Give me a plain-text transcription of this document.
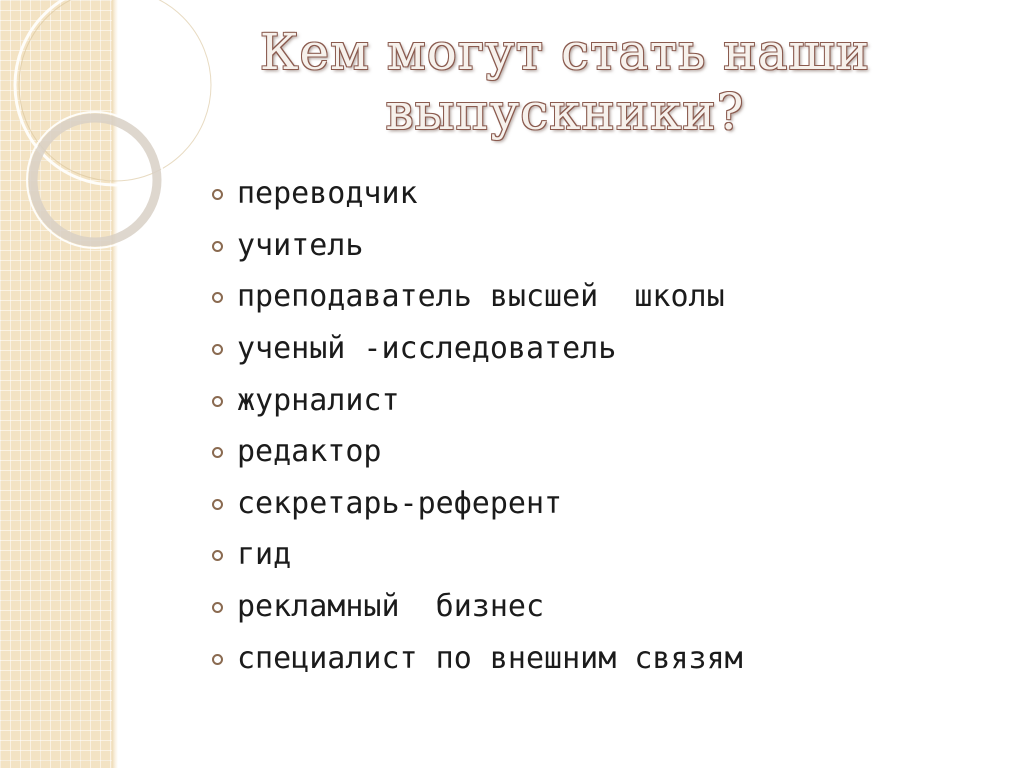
Кем могут стать наши выпускники?
переводчик
учитель
преподаватель высшей  школы
ученый -исследователь
журналист
редактор
секретарь-референт
гид
рекламный  бизнес
специалист по внешним связям
